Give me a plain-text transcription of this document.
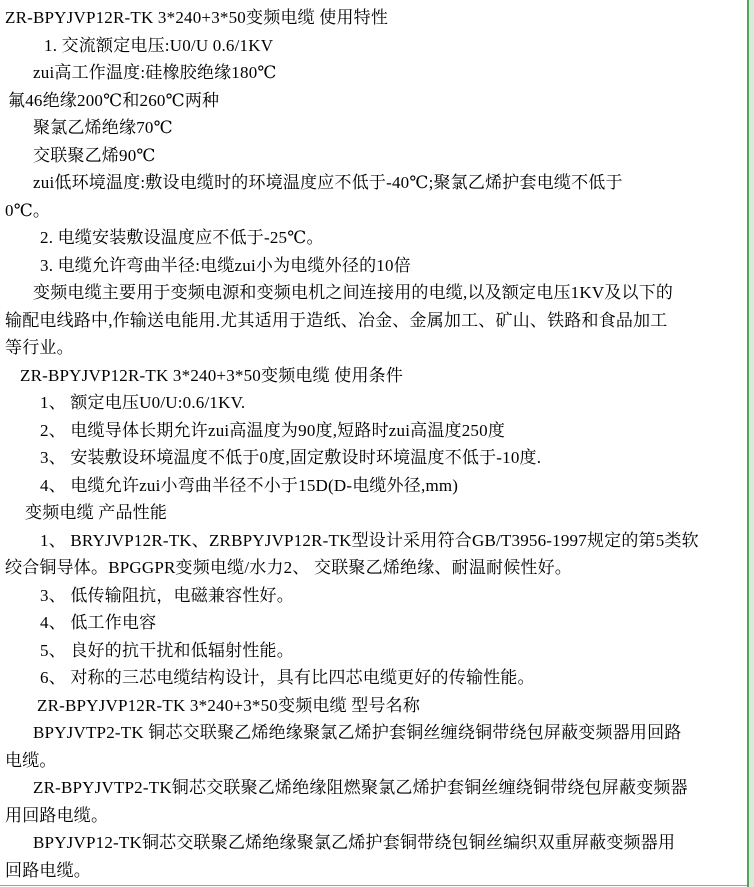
ZR-BPYJVP12R-TK 3*240+3*50变频电缆 使用特性
1. 交流额定电压:U0/U 0.6/1KV
zui高工作温度:硅橡胶绝缘180℃
氟46绝缘200℃和260℃两种
聚氯乙烯绝缘70℃
交联聚乙烯90℃
zui低环境温度:敷设电缆时的环境温度应不低于-40℃;聚氯乙烯护套电缆不低于
0℃。
2. 电缆安装敷设温度应不低于-25℃。
3. 电缆允许弯曲半径:电缆zui小为电缆外径的10倍
变频电缆主要用于变频电源和变频电机之间连接用的电缆,以及额定电压1KV及以下的
输配电线路中,作输送电能用.尤其适用于造纸、冶金、金属加工、矿山、铁路和食品加工
等行业。
ZR-BPYJVP12R-TK 3*240+3*50变频电缆 使用条件
1、 额定电压U0/U:0.6/1KV.
2、 电缆导体长期允许zui高温度为90度,短路时zui高温度250度
3、 安装敷设环境温度不低于0度,固定敷设时环境温度不低于-10度.
4、 电缆允许zui小弯曲半径不小于15D(D-电缆外径,mm)
变频电缆 产品性能
1、 BRYJVP12R-TK、ZRBPYJVP12R-TK型设计采用符合GB/T3956-1997规定的第5类软
绞合铜导体。BPGGPR变频电缆/水力2、 交联聚乙烯绝缘、耐温耐候性好。
3、 低传输阻抗，电磁兼容性好。
4、 低工作电容
5、 良好的抗干扰和低辐射性能。
6、 对称的三芯电缆结构设计，具有比四芯电缆更好的传输性能。
ZR-BPYJVP12R-TK 3*240+3*50变频电缆 型号名称
BPYJVTP2-TK 铜芯交联聚乙烯绝缘聚氯乙烯护套铜丝缠绕铜带绕包屏蔽变频器用回路
电缆。
ZR-BPYJVTP2-TK铜芯交联聚乙烯绝缘阻燃聚氯乙烯护套铜丝缠绕铜带绕包屏蔽变频器
用回路电缆。
BPYJVP12-TK铜芯交联聚乙烯绝缘聚氯乙烯护套铜带绕包铜丝编织双重屏蔽变频器用
回路电缆。
